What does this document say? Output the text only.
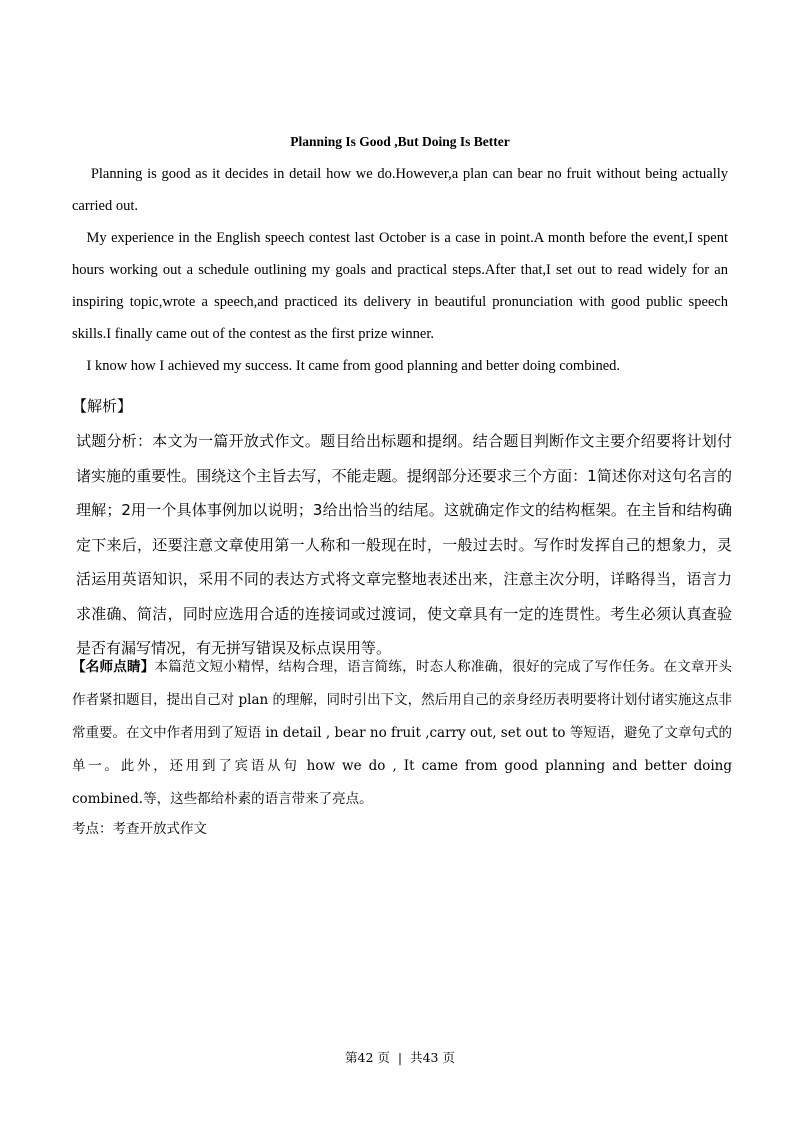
Planning Is Good ,But Doing Is Better

Planning is good as it decides in detail how we do.However,a plan can bear no fruit without being actually carried out.

My experience in the English speech contest last October is a case in point.A month before the event,I spent hours working out a schedule outlining my goals and practical steps.After that,I set out to read widely for an inspiring topic,wrote a speech,and practiced its delivery in beautiful pronunciation with good public speech skills.I finally came out of the contest as the first prize winner.

I know how I achieved my success. It came from good planning and better doing combined.

【解析】

试题分析：本文为一篇开放式作文。题目给出标题和提纲。结合题目判断作文主要介绍要将计划付诸实施的重要性。围绕这个主旨去写，不能走题。提纲部分还要求三个方面：1简述你对这句名言的理解；2用一个具体事例加以说明；3给出恰当的结尾。这就确定作文的结构框架。在主旨和结构确定下来后，还要注意文章使用第一人称和一般现在时，一般过去时。写作时发挥自己的想象力，灵活运用英语知识，采用不同的表达方式将文章完整地表述出来，注意主次分明，详略得当，语言力求准确、简洁，同时应选用合适的连接词或过渡词，使文章具有一定的连贯性。考生必须认真查验是否有漏写情况，有无拼写错误及标点误用等。

【名师点睛】本篇范文短小精悍，结构合理，语言简练，时态人称准确，很好的完成了写作任务。在文章开头作者紧扣题目，提出自己对 plan 的理解，同时引出下文，然后用自己的亲身经历表明要将计划付诸实施这点非常重要。在文中作者用到了短语 in detail , bear no fruit ,carry out, set out to 等短语，避免了文章句式的单一。此外，还用到了宾语从句 how we do , It came from good planning and better doing combined.等，这些都给朴素的语言带来了亮点。

考点：考查开放式作文
第42 页 | 共43 页
